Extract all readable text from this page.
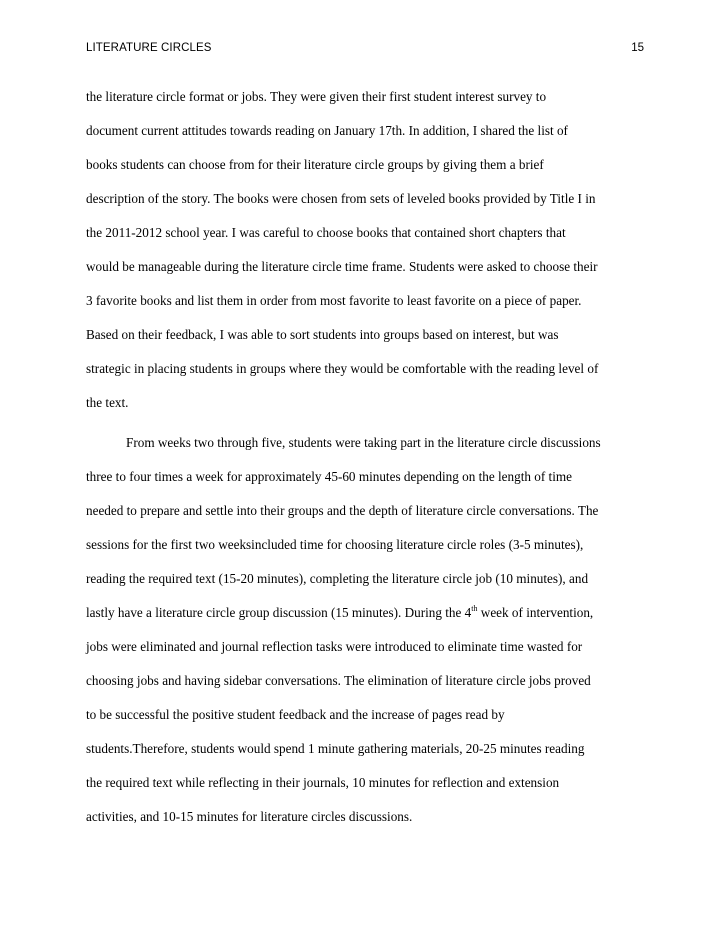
LITERATURE CIRCLES	15
the literature circle format or jobs. They were given their first student interest survey to
document current attitudes towards reading on January 17th. In addition, I shared the list of
books students can choose from for their literature circle groups by giving them a brief
description of the story. The books were chosen from sets of leveled books provided by Title I in
the 2011-2012 school year. I was careful to choose books that contained short chapters that
would be manageable during the literature circle time frame. Students were asked to choose their
3 favorite books and list them in order from most favorite to least favorite on a piece of paper.
Based on their feedback, I was able to sort students into groups based on interest, but was
strategic in placing students in groups where they would be comfortable with the reading level of
the text.
From weeks two through five, students were taking part in the literature circle discussions
three to four times a week for approximately 45-60 minutes depending on the length of time
needed to prepare and settle into their groups and the depth of literature circle conversations. The
sessions for the first two weeksincluded time for choosing literature circle roles (3-5 minutes),
reading the required text (15-20 minutes), completing the literature circle job (10 minutes), and
lastly have a literature circle group discussion (15 minutes). During the 4th week of intervention,
jobs were eliminated and journal reflection tasks were introduced to eliminate time wasted for
choosing jobs and having sidebar conversations. The elimination of literature circle jobs proved
to be successful the positive student feedback and the increase of pages read by
students.Therefore, students would spend 1 minute gathering materials, 20-25 minutes reading
the required text while reflecting in their journals, 10 minutes for reflection and extension
activities, and 10-15 minutes for literature circles discussions.
